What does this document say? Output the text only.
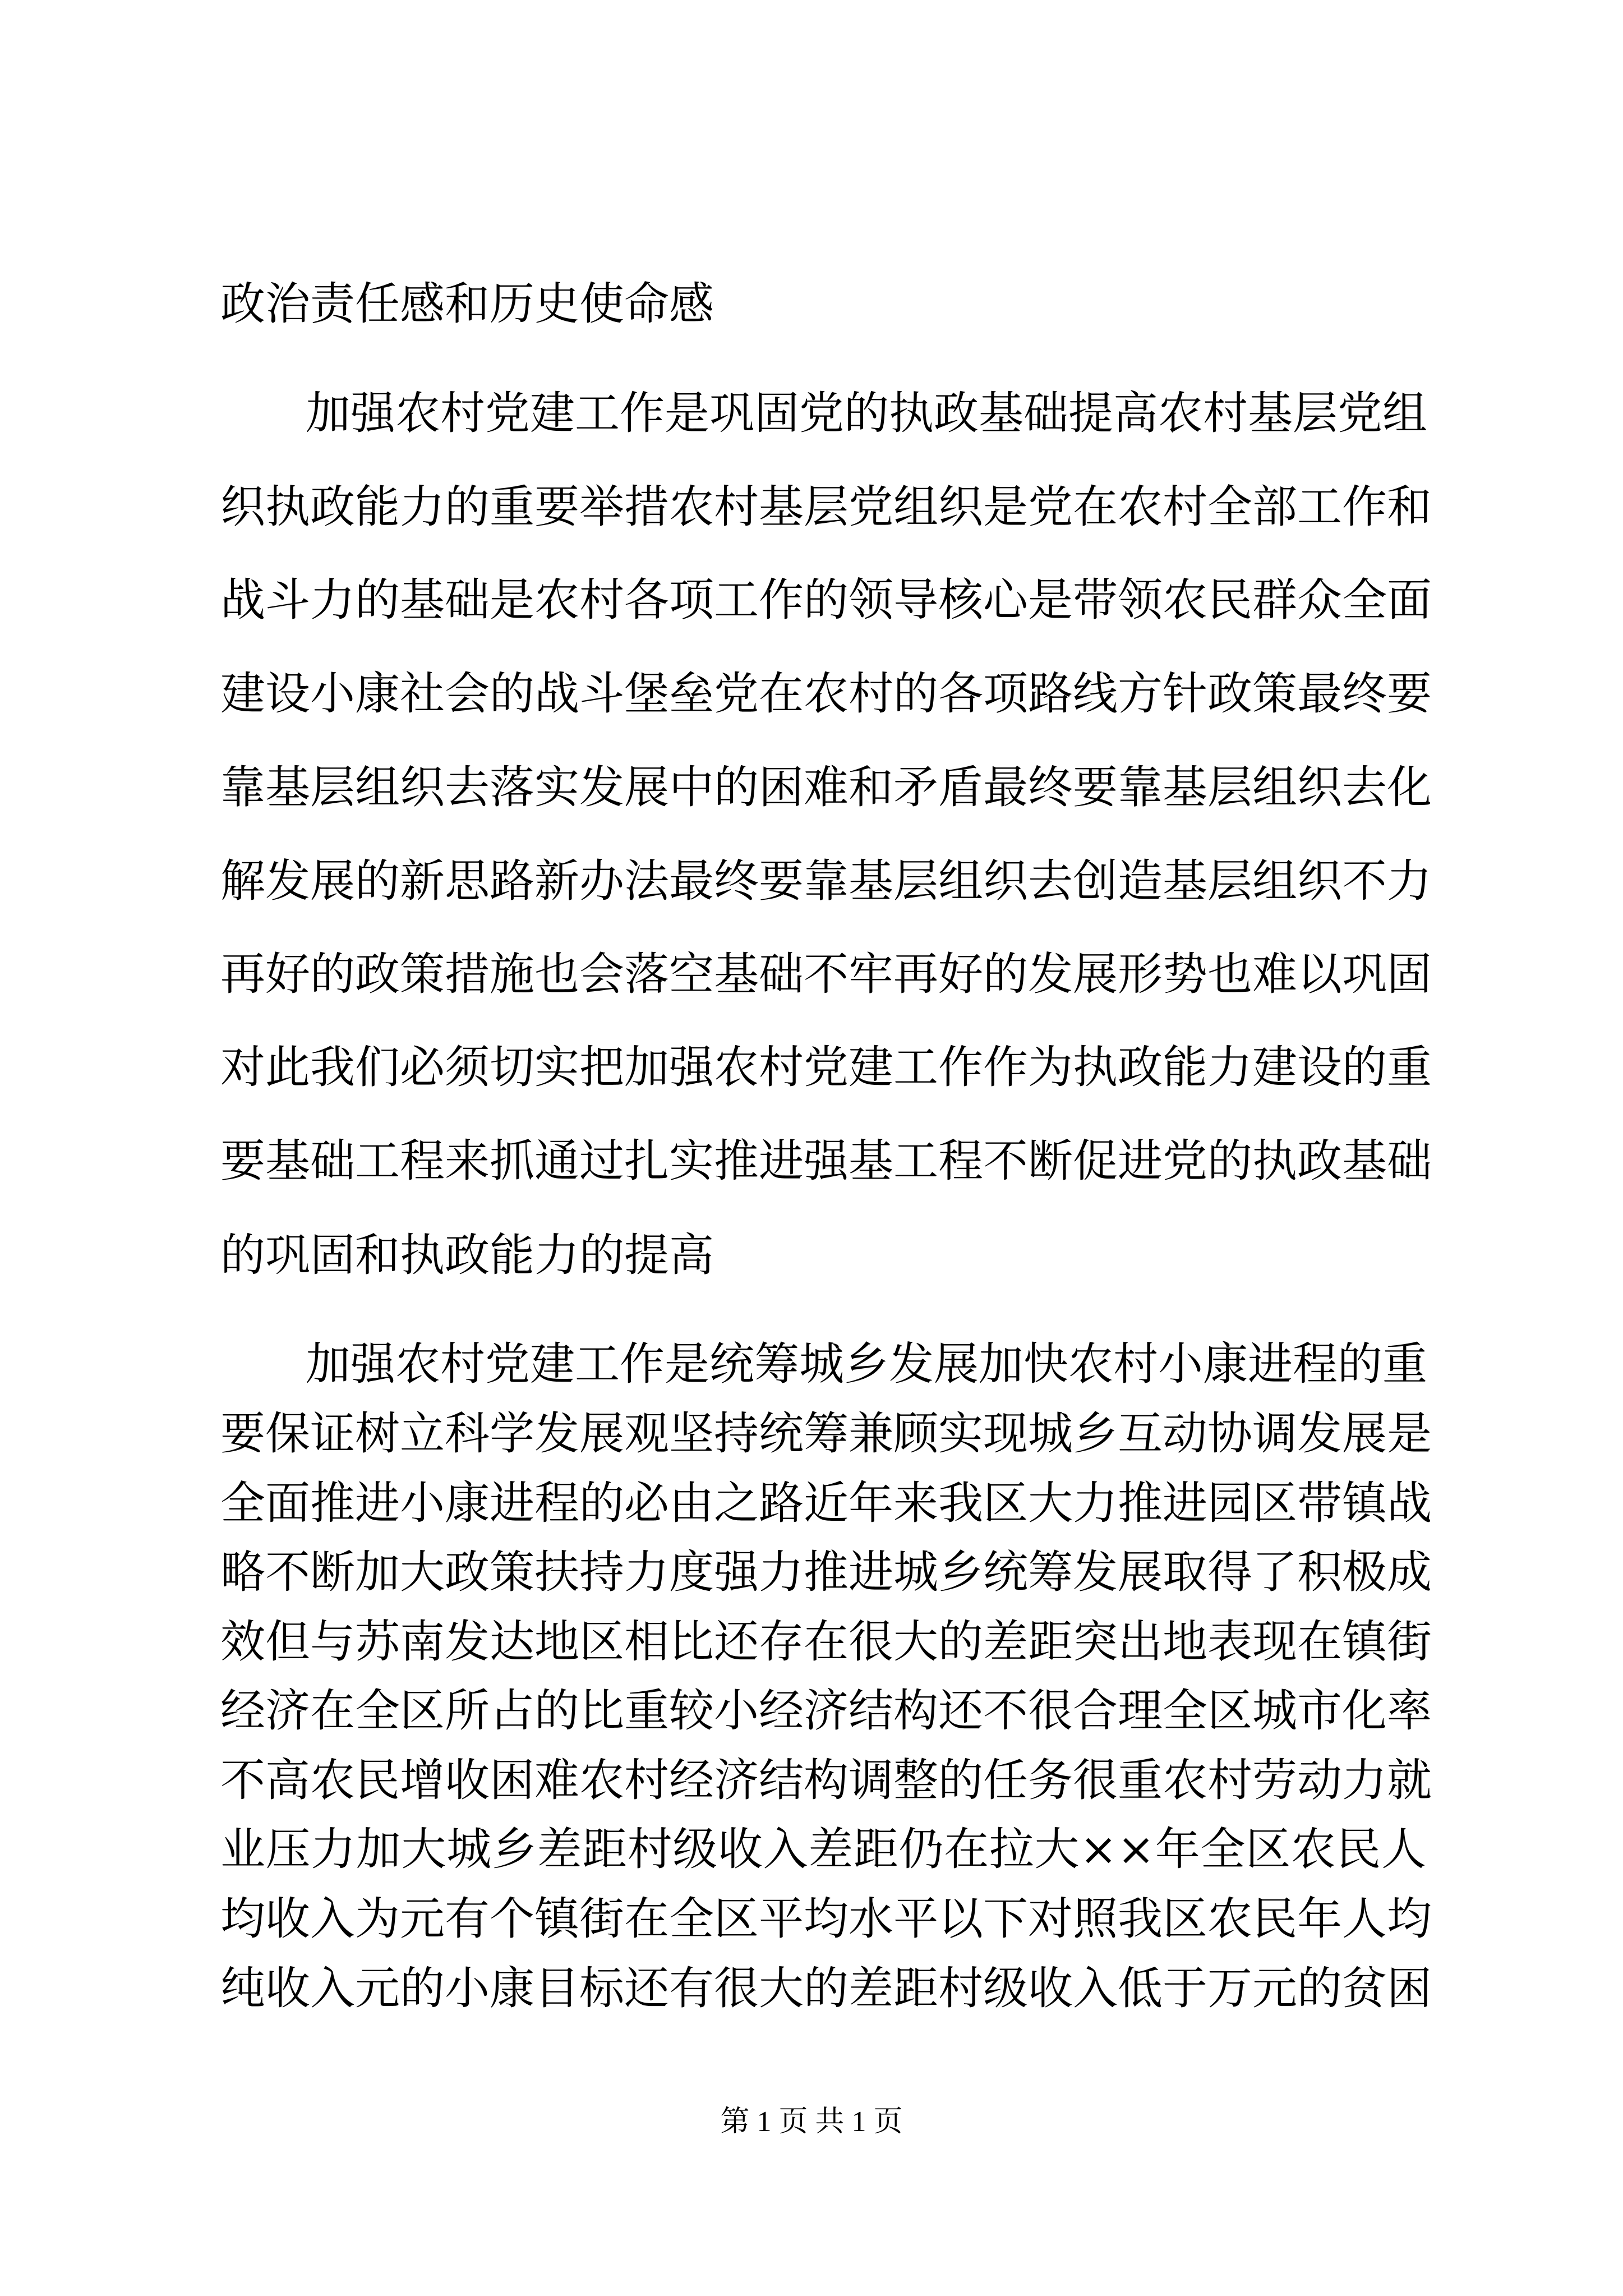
政治责任感和历史使命感
加强农村党建工作是巩固党的执政基础提高农村基层党组
织执政能力的重要举措农村基层党组织是党在农村全部工作和
战斗力的基础是农村各项工作的领导核心是带领农民群众全面
建设小康社会的战斗堡垒党在农村的各项路线方针政策最终要
靠基层组织去落实发展中的困难和矛盾最终要靠基层组织去化
解发展的新思路新办法最终要靠基层组织去创造基层组织不力
再好的政策措施也会落空基础不牢再好的发展形势也难以巩固
对此我们必须切实把加强农村党建工作作为执政能力建设的重
要基础工程来抓通过扎实推进强基工程不断促进党的执政基础
的巩固和执政能力的提高
加强农村党建工作是统筹城乡发展加快农村小康进程的重
要保证树立科学发展观坚持统筹兼顾实现城乡互动协调发展是
全面推进小康进程的必由之路近年来我区大力推进园区带镇战
略不断加大政策扶持力度强力推进城乡统筹发展取得了积极成
效但与苏南发达地区相比还存在很大的差距突出地表现在镇街
经济在全区所占的比重较小经济结构还不很合理全区城市化率
不高农民增收困难农村经济结构调整的任务很重农村劳动力就
业压力加大城乡差距村级收入差距仍在拉大××年全区农民人
均收入为元有个镇街在全区平均水平以下对照我区农民年人均
纯收入元的小康目标还有很大的差距村级收入低于万元的贫困
第 1 页 共 1 页
